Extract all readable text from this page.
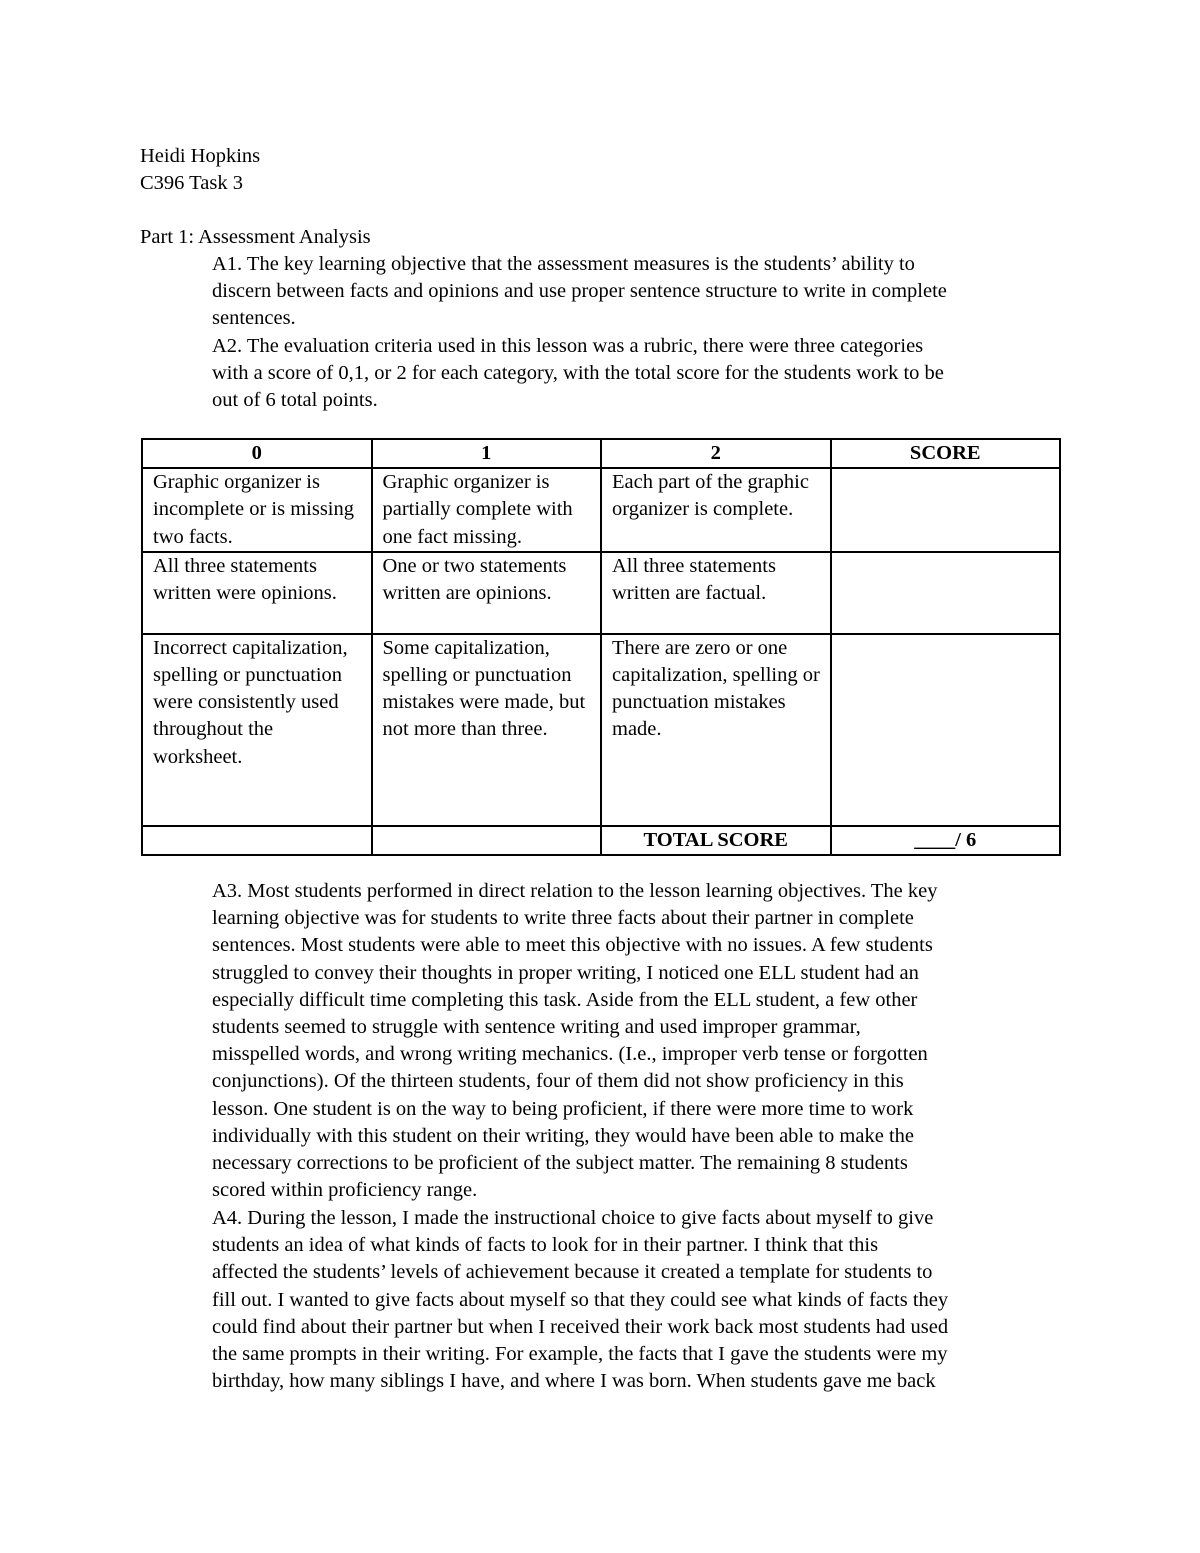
Heidi Hopkins
C396 Task 3
Part 1: Assessment Analysis
A1. The key learning objective that the assessment measures is the students’ ability to
discern between facts and opinions and use proper sentence structure to write in complete
sentences.
A2. The evaluation criteria used in this lesson was a rubric, there were three categories
with a score of 0,1, or 2 for each category, with the total score for the students work to be
out of 6 total points.
0	1	2	SCORE
Graphic organizer is incomplete or is missing two facts.	Graphic organizer is partially complete with one fact missing.	Each part of the graphic organizer is complete.	
All three statements written were opinions.	One or two statements written are opinions.	All three statements written are factual.	
Incorrect capitalization, spelling or punctuation were consistently used throughout the worksheet.	Some capitalization, spelling or punctuation mistakes were made, but not more than three.	There are zero or one capitalization, spelling or punctuation mistakes made.	
		TOTAL SCORE	____/ 6
A3. Most students performed in direct relation to the lesson learning objectives. The key
learning objective was for students to write three facts about their partner in complete
sentences. Most students were able to meet this objective with no issues. A few students
struggled to convey their thoughts in proper writing, I noticed one ELL student had an
especially difficult time completing this task. Aside from the ELL student, a few other
students seemed to struggle with sentence writing and used improper grammar,
misspelled words, and wrong writing mechanics. (I.e., improper verb tense or forgotten
conjunctions). Of the thirteen students, four of them did not show proficiency in this
lesson. One student is on the way to being proficient, if there were more time to work
individually with this student on their writing, they would have been able to make the
necessary corrections to be proficient of the subject matter. The remaining 8 students
scored within proficiency range.
A4. During the lesson, I made the instructional choice to give facts about myself to give
students an idea of what kinds of facts to look for in their partner. I think that this
affected the students’ levels of achievement because it created a template for students to
fill out. I wanted to give facts about myself so that they could see what kinds of facts they
could find about their partner but when I received their work back most students had used
the same prompts in their writing. For example, the facts that I gave the students were my
birthday, how many siblings I have, and where I was born. When students gave me back
